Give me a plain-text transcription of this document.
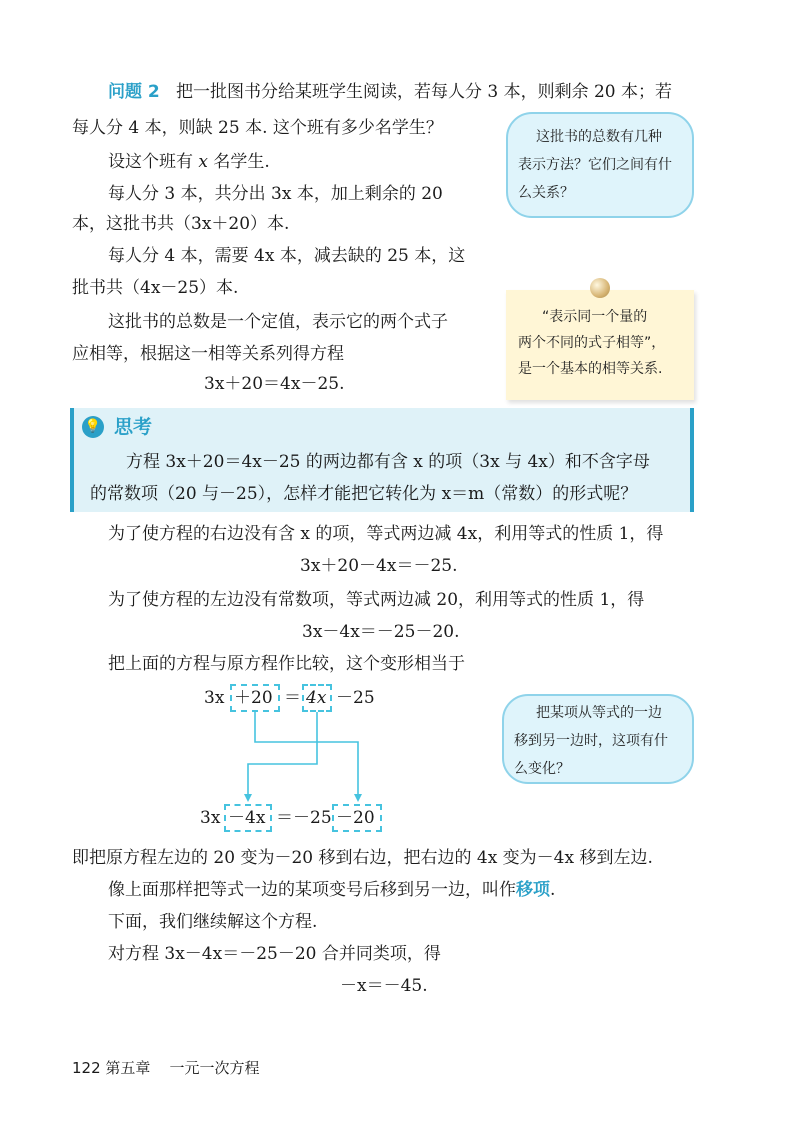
问题 2 把一批图书分给某班学生阅读，若每人分 3 本，则剩余 20 本；若
每人分 4 本，则缺 25 本. 这个班有多少名学生？
设这个班有 x 名学生.
每人分 3 本，共分出 3x 本，加上剩余的 20
本，这批书共（3x＋20）本.
每人分 4 本，需要 4x 本，减去缺的 25 本，这
批书共（4x－25）本.
这批书的总数是一个定值，表示它的两个式子
应相等，根据这一相等关系列得方程
3x＋20＝4x－25.
这批书的总数有几种
表示方法？它们之间有什
么关系？
“表示同一个量的
两个不同的式子相等”，
是一个基本的相等关系.
💡 思考
方程 3x＋20＝4x－25 的两边都有含 x 的项（3x 与 4x）和不含字母
的常数项（20 与－25），怎样才能把它转化为 x＝m（常数）的形式呢？
为了使方程的右边没有含 x 的项，等式两边减 4x，利用等式的性质 1，得
3x＋20－4x＝－25.
为了使方程的左边没有常数项，等式两边减 20，利用等式的性质 1，得
3x－4x＝－25－20.
把上面的方程与原方程作比较，这个变形相当于
3x ＋20 ＝ 4x －25
3x －4x ＝－25 －20
把某项从等式的一边
移到另一边时，这项有什
么变化？
即把原方程左边的 20 变为－20 移到右边，把右边的 4x 变为－4x 移到左边.
像上面那样把等式一边的某项变号后移到另一边，叫作移项.
下面，我们继续解这个方程.
对方程 3x－4x＝－25－20 合并同类项，得
－x＝－45.
122 第五章 一元一次方程
